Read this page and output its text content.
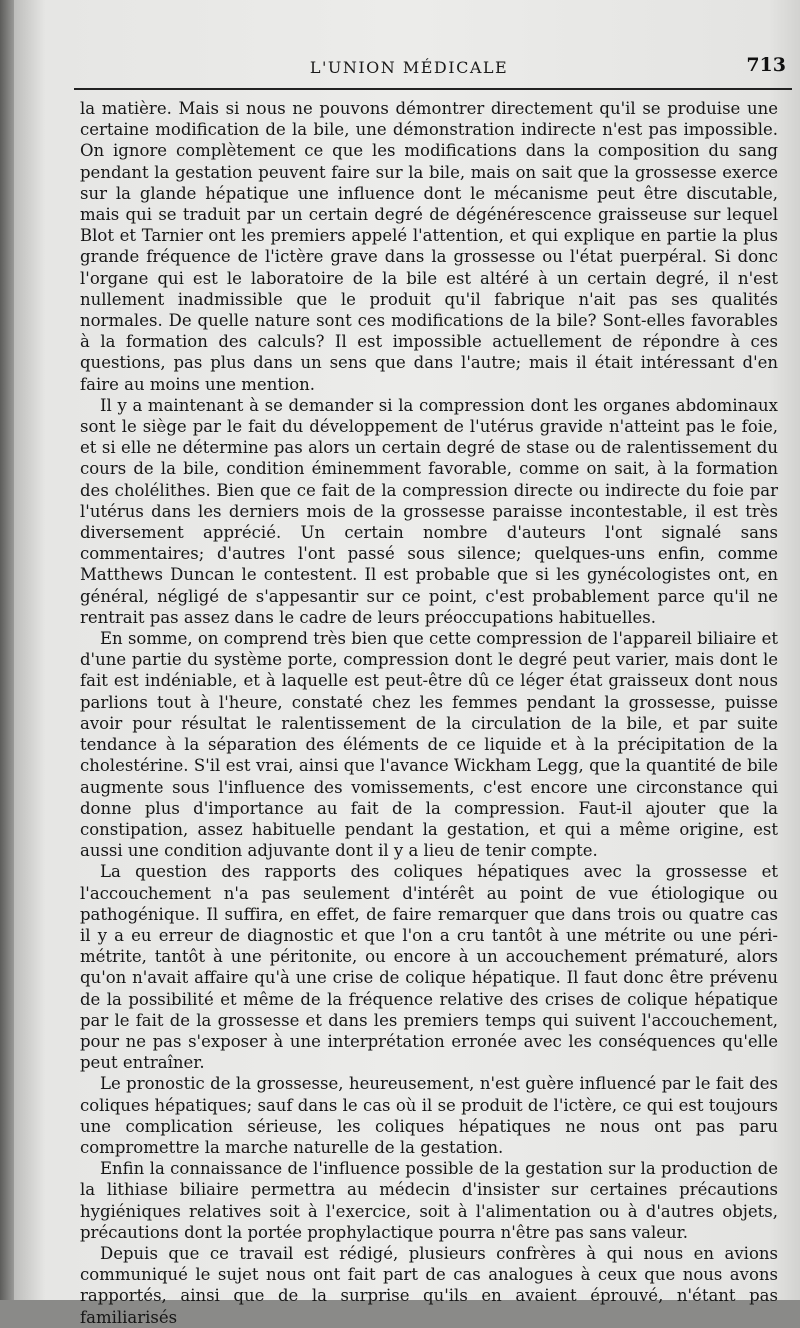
L'UNION MÉDICALE	713

la matière. Mais si nous ne pouvons démontrer directement qu'il se produise une certaine modification de la bile, une démonstration indirecte n'est pas impossible. On ignore complètement ce que les modifications dans la composition du sang pendant la gestation peuvent faire sur la bile, mais on sait que la grossesse exerce sur la glande hépatique une influence dont le mécanisme peut être discutable, mais qui se traduit par un certain degré de dégénérescence graisseuse sur lequel Blot et Tarnier ont les premiers appelé l'attention, et qui explique en partie la plus grande fréquence de l'ictère grave dans la grossesse ou l'état puerpéral. Si donc l'organe qui est le laboratoire de la bile est altéré à un certain degré, il n'est nullement inadmissible que le produit qu'il fabrique n'ait pas ses qualités normales. De quelle nature sont ces modifications de la bile? Sont-elles favorables à la formation des calculs? Il est impossible actuellement de répondre à ces questions, pas plus dans un sens que dans l'autre; mais il était intéressant d'en faire au moins une mention.

Il y a maintenant à se demander si la compression dont les organes abdominaux sont le siège par le fait du développement de l'utérus gravide n'atteint pas le foie, et si elle ne détermine pas alors un certain degré de stase ou de ralentissement du cours de la bile, condition éminemment favorable, comme on sait, à la formation des cholélithes. Bien que ce fait de la compression directe ou indirecte du foie par l'utérus dans les derniers mois de la grossesse paraisse incontestable, il est très diversement apprécié. Un certain nombre d'auteurs l'ont signalé sans commentaires; d'autres l'ont passé sous silence; quelques-uns enfin, comme Matthews Duncan le contestent. Il est probable que si les gynécologistes ont, en général, négligé de s'appesantir sur ce point, c'est probablement parce qu'il ne rentrait pas assez dans le cadre de leurs préoccupations habituelles.

En somme, on comprend très bien que cette compression de l'appareil biliaire et d'une partie du système porte, compression dont le degré peut varier, mais dont le fait est indéniable, et à laquelle est peut-être dû ce léger état graisseux dont nous parlions tout à l'heure, constaté chez les femmes pendant la grossesse, puisse avoir pour résultat le ralentissement de la circulation de la bile, et par suite tendance à la séparation des éléments de ce liquide et à la précipitation de la cholestérine. S'il est vrai, ainsi que l'avance Wickham Legg, que la quantité de bile augmente sous l'influence des vomissements, c'est encore une circonstance qui donne plus d'importance au fait de la compression. Faut-il ajouter que la constipation, assez habituelle pendant la gestation, et qui a même origine, est aussi une condition adjuvante dont il y a lieu de tenir compte.

La question des rapports des coliques hépatiques avec la grossesse et l'accouchement n'a pas seulement d'intérêt au point de vue étiologique ou pathogénique. Il suffira, en effet, de faire remarquer que dans trois ou quatre cas il y a eu erreur de diagnostic et que l'on a cru tantôt à une métrite ou une péri-métrite, tantôt à une péritonite, ou encore à un accouchement prématuré, alors qu'on n'avait affaire qu'à une crise de colique hépatique. Il faut donc être prévenu de la possibilité et même de la fréquence relative des crises de colique hépatique par le fait de la grossesse et dans les premiers temps qui suivent l'accouchement, pour ne pas s'exposer à une interprétation erronée avec les conséquences qu'elle peut entraîner.

Le pronostic de la grossesse, heureusement, n'est guère influencé par le fait des coliques hépatiques; sauf dans le cas où il se produit de l'ictère, ce qui est toujours une complication sérieuse, les coliques hépatiques ne nous ont pas paru compromettre la marche naturelle de la gestation.

Enfin la connaissance de l'influence possible de la gestation sur la production de la lithiase biliaire permettra au médecin d'insister sur certaines précautions hygiéniques relatives soit à l'exercice, soit à l'alimentation ou à d'autres objets, précautions dont la portée prophylactique pourra n'être pas sans valeur.

Depuis que ce travail est rédigé, plusieurs confrères à qui nous en avions communiqué le sujet nous ont fait part de cas analogues à ceux que nous avons rapportés, ainsi que de la surprise qu'ils en avaient éprouvé, n'étant pas familiarisés
